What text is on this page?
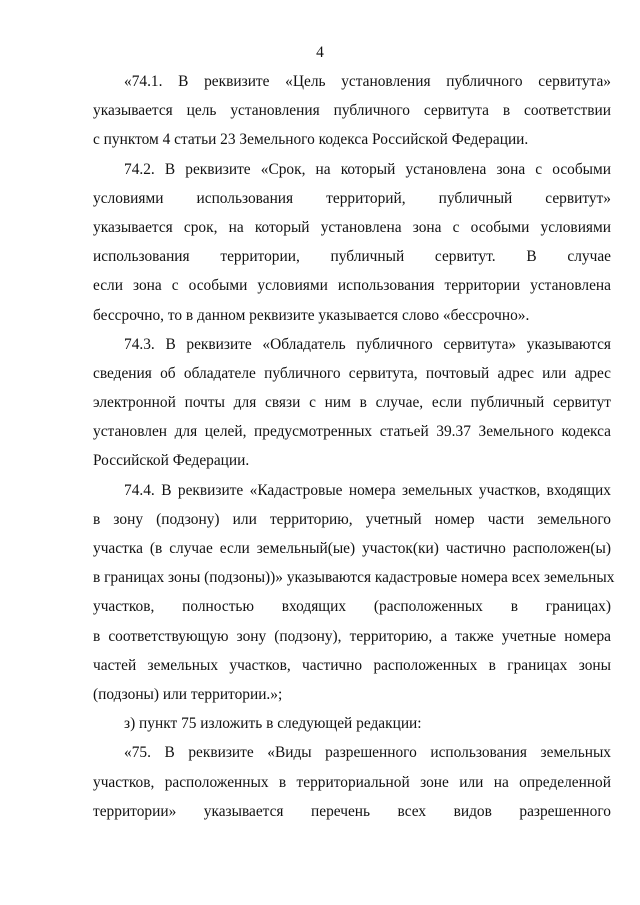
4

«74.1. В реквизите «Цель установления публичного сервитута»
указывается цель установления публичного сервитута в соответствии
с пунктом 4 статьи 23 Земельного кодекса Российской Федерации.

74.2. В реквизите «Срок, на который установлена зона с особыми
условиями использования территорий, публичный сервитут»
указывается срок, на который установлена зона с особыми условиями
использования территории, публичный сервитут. В случае
если зона с особыми условиями использования территории установлена
бессрочно, то в данном реквизите указывается слово «бессрочно».

74.3. В реквизите «Обладатель публичного сервитута» указываются
сведения об обладателе публичного сервитута, почтовый адрес или адрес
электронной почты для связи с ним в случае, если публичный сервитут
установлен для целей, предусмотренных статьей 39.37 Земельного кодекса
Российской Федерации.

74.4. В реквизите «Кадастровые номера земельных участков, входящих
в зону (подзону) или территорию, учетный номер части земельного
участка (в случае если земельный(ые) участок(ки) частично расположен(ы)
в границах зоны (подзоны))» указываются кадастровые номера всех земельных
участков, полностью входящих (расположенных в границах)
в соответствующую зону (подзону), территорию, а также учетные номера
частей земельных участков, частично расположенных в границах зоны
(подзоны) или территории.»;

з) пункт 75 изложить в следующей редакции:

«75. В реквизите «Виды разрешенного использования земельных
участков, расположенных в территориальной зоне или на определенной
территории» указывается перечень всех видов разрешенного
